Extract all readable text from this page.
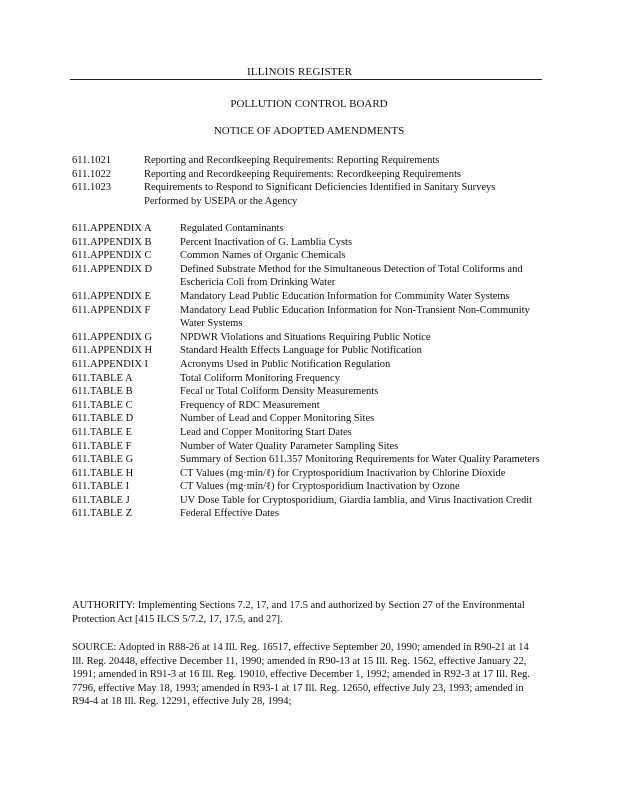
ILLINOIS REGISTER
POLLUTION CONTROL BOARD
NOTICE OF ADOPTED AMENDMENTS
611.1021	Reporting and Recordkeeping Requirements: Reporting Requirements
611.1022	Reporting and Recordkeeping Requirements: Recordkeeping Requirements
611.1023	Requirements to Respond to Significant Deficiencies Identified in Sanitary Surveys Performed by USEPA or the Agency
611.APPENDIX A	Regulated Contaminants
611.APPENDIX B	Percent Inactivation of G. Lamblia Cysts
611.APPENDIX C	Common Names of Organic Chemicals
611.APPENDIX D	Defined Substrate Method for the Simultaneous Detection of Total Coliforms and Eschericia Coli from Drinking Water
611.APPENDIX E	Mandatory Lead Public Education Information for Community Water Systems
611.APPENDIX F	Mandatory Lead Public Education Information for Non-Transient Non-Community Water Systems
611.APPENDIX G	NPDWR Violations and Situations Requiring Public Notice
611.APPENDIX H	Standard Health Effects Language for Public Notification
611.APPENDIX I	Acronyms Used in Public Notification Regulation
611.TABLE A	Total Coliform Monitoring Frequency
611.TABLE B	Fecal or Total Coliform Density Measurements
611.TABLE C	Frequency of RDC Measurement
611.TABLE D	Number of Lead and Copper Monitoring Sites
611.TABLE E	Lead and Copper Monitoring Start Dates
611.TABLE F	Number of Water Quality Parameter Sampling Sites
611.TABLE G	Summary of Section 611.357 Monitoring Requirements for Water Quality Parameters
611.TABLE H	CT Values (mg·min/ℓ) for Cryptosporidium Inactivation by Chlorine Dioxide
611.TABLE I	CT Values (mg·min/ℓ) for Cryptosporidium Inactivation by Ozone
611.TABLE J	UV Dose Table for Cryptosporidium, Giardia lamblia, and Virus Inactivation Credit
611.TABLE Z	Federal Effective Dates
AUTHORITY: Implementing Sections 7.2, 17, and 17.5 and authorized by Section 27 of the Environmental Protection Act [415 ILCS 5/7.2, 17, 17.5, and 27].
SOURCE: Adopted in R88-26 at 14 Ill. Reg. 16517, effective September 20, 1990; amended in R90-21 at 14 Ill. Reg. 20448, effective December 11, 1990; amended in R90-13 at 15 Ill. Reg. 1562, effective January 22, 1991; amended in R91-3 at 16 Ill. Reg. 19010, effective December 1, 1992; amended in R92-3 at 17 Ill. Reg. 7796, effective May 18, 1993; amended in R93-1 at 17 Ill. Reg. 12650, effective July 23, 1993; amended in R94-4 at 18 Ill. Reg. 12291, effective July 28, 1994;
